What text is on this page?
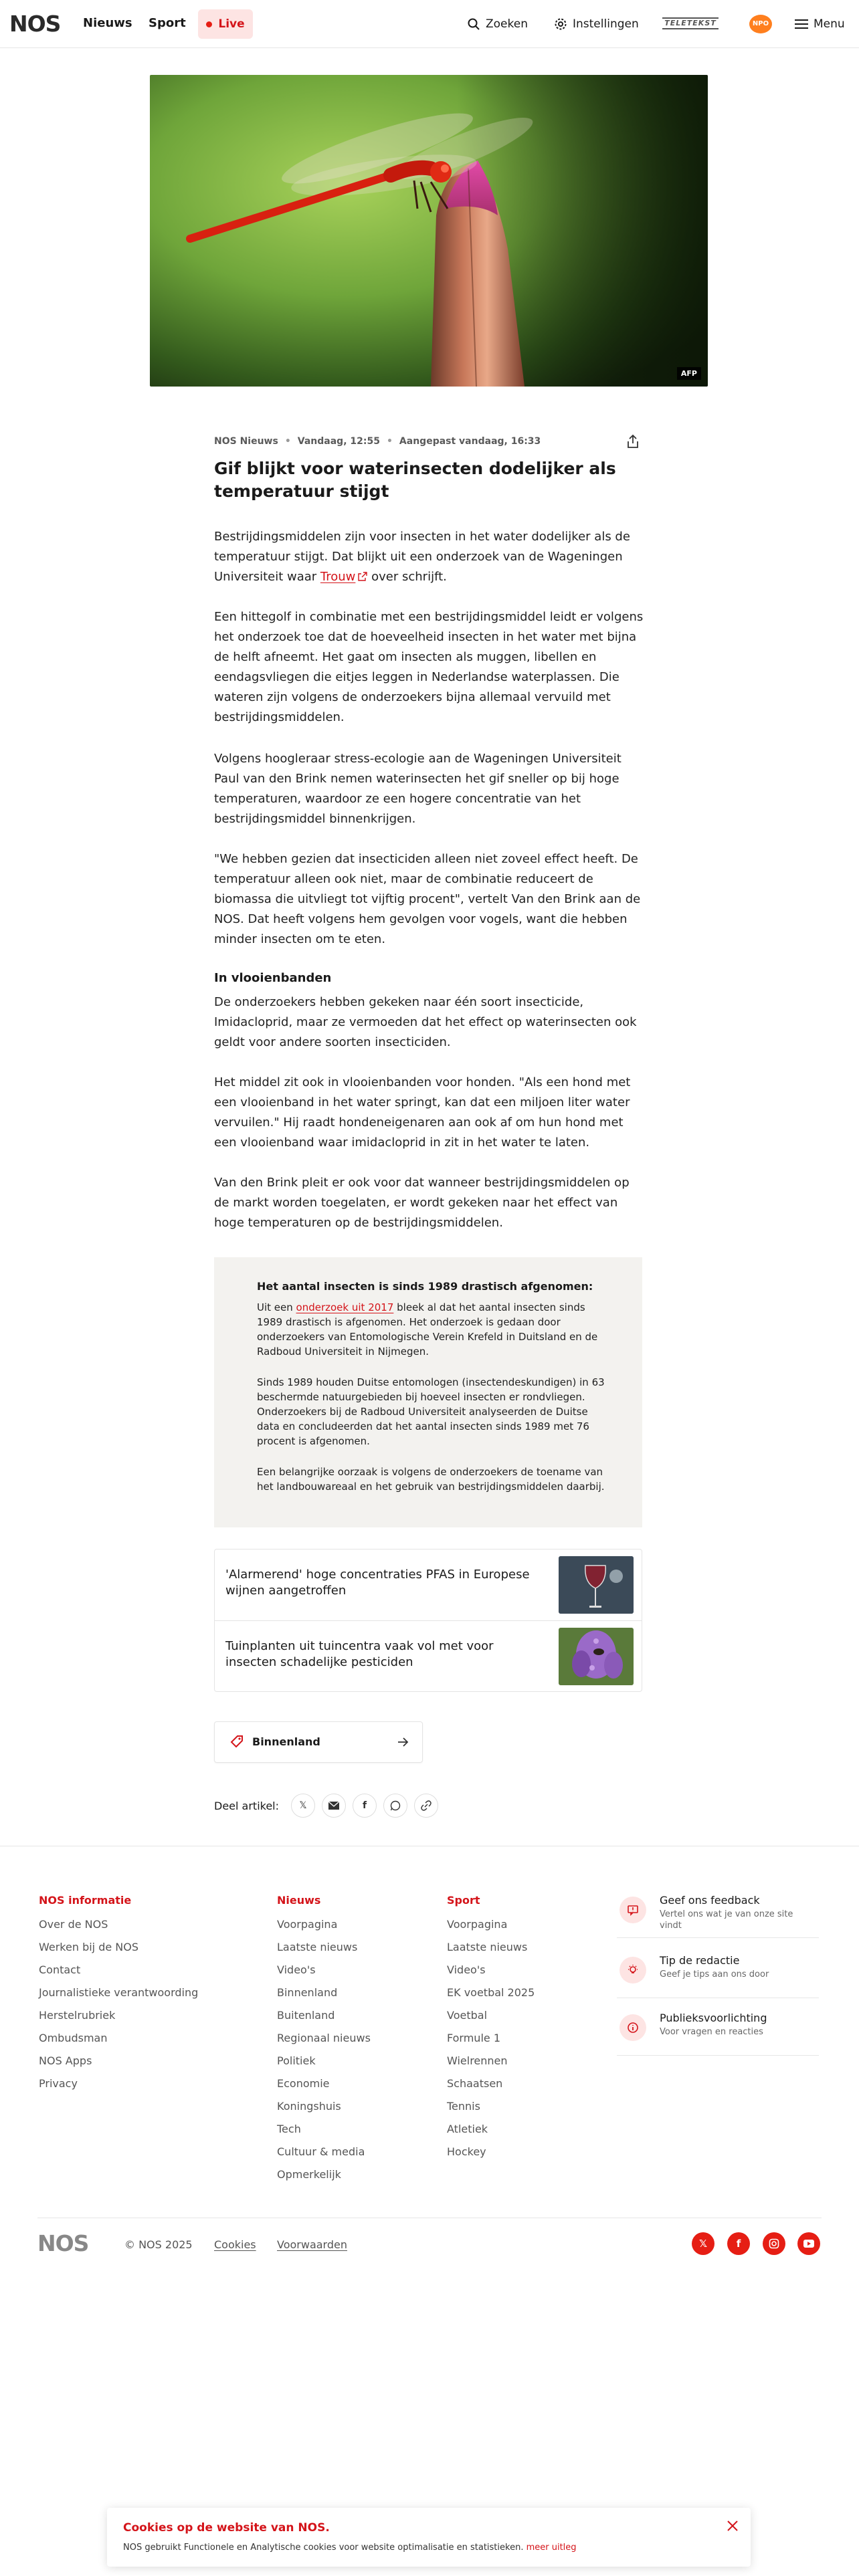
NOS Nieuws Sport	Live	Zoeken	Instellingen	TELETEKST	NPO	Menu
AFP
NOS Nieuws • Vandaag, 12:55 • Aangepast vandaag, 16:33
Gif blijkt voor waterinsecten dodelijker als temperatuur stijgt

Bestrijdingsmiddelen zijn voor insecten in het water dodelijker als de temperatuur stijgt. Dat blijkt uit een onderzoek van de Wageningen Universiteit waar Trouw over schrijft.

Een hittegolf in combinatie met een bestrijdingsmiddel leidt er volgens het onderzoek toe dat de hoeveelheid insecten in het water met bijna de helft afneemt. Het gaat om insecten als muggen, libellen en eendagsvliegen die eitjes leggen in Nederlandse waterplassen. Die wateren zijn volgens de onderzoekers bijna allemaal vervuild met bestrijdingsmiddelen.

Volgens hoogleraar stress-ecologie aan de Wageningen Universiteit Paul van den Brink nemen waterinsecten het gif sneller op bij hoge temperaturen, waardoor ze een hogere concentratie van het bestrijdingsmiddel binnenkrijgen.

"We hebben gezien dat insecticiden alleen niet zoveel effect heeft. De temperatuur alleen ook niet, maar de combinatie reduceert de biomassa die uitvliegt tot vijftig procent", vertelt Van den Brink aan de NOS. Dat heeft volgens hem gevolgen voor vogels, want die hebben minder insecten om te eten.

In vlooienbanden

De onderzoekers hebben gekeken naar één soort insecticide, Imidacloprid, maar ze vermoeden dat het effect op waterinsecten ook geldt voor andere soorten insecticiden.

Het middel zit ook in vlooienbanden voor honden. "Als een hond met een vlooienband in het water springt, kan dat een miljoen liter water vervuilen." Hij raadt hondeneigenaren aan ook af om hun hond met een vlooienband waar imidacloprid in zit in het water te laten.

Van den Brink pleit er ook voor dat wanneer bestrijdingsmiddelen op de markt worden toegelaten, er wordt gekeken naar het effect van hoge temperaturen op de bestrijdingsmiddelen.

Het aantal insecten is sinds 1989 drastisch afgenomen:

Uit een onderzoek uit 2017 bleek al dat het aantal insecten sinds 1989 drastisch is afgenomen. Het onderzoek is gedaan door onderzoekers van Entomologische Verein Krefeld in Duitsland en de Radboud Universiteit in Nijmegen.

Sinds 1989 houden Duitse entomologen (insectendeskundigen) in 63 beschermde natuurgebieden bij hoeveel insecten er rondvliegen. Onderzoekers bij de Radboud Universiteit analyseerden de Duitse data en concludeerden dat het aantal insecten sinds 1989 met 76 procent is afgenomen.

Een belangrijke oorzaak is volgens de onderzoekers de toename van het landbouwareaal en het gebruik van bestrijdingsmiddelen daarbij.

'Alarmerend' hoge concentraties PFAS in Europese wijnen aangetroffen
Tuinplanten uit tuincentra vaak vol met voor insecten schadelijke pesticiden
Binnenland
Deel artikel: 𝕏	f
NOS informatie
Over de NOS
Werken bij de NOS
Contact
Journalistieke verantwoording
Herstelrubriek
Ombudsman
NOS Apps
Privacy
Nieuws
Voorpagina
Laatste nieuws
Video's
Binnenland
Buitenland
Regionaal nieuws
Politiek
Economie
Koningshuis
Tech
Cultuur & media
Opmerkelijk
Sport
Voorpagina
Laatste nieuws
Video's
EK voetbal 2025
Voetbal
Formule 1
Wielrennen
Schaatsen
Tennis
Atletiek
Hockey
Geef ons feedback
Vertel ons wat je van onze site vindt
Tip de redactie
Geef je tips aan ons door
Publieksvoorlichting
Voor vragen en reacties
NOS	© NOS 2025 Cookies Voorwaarden	𝕏	f
Cookies op de website van NOS.
NOS gebruikt Functionele en Analytische cookies voor website optimalisatie en statistieken. meer uitleg
